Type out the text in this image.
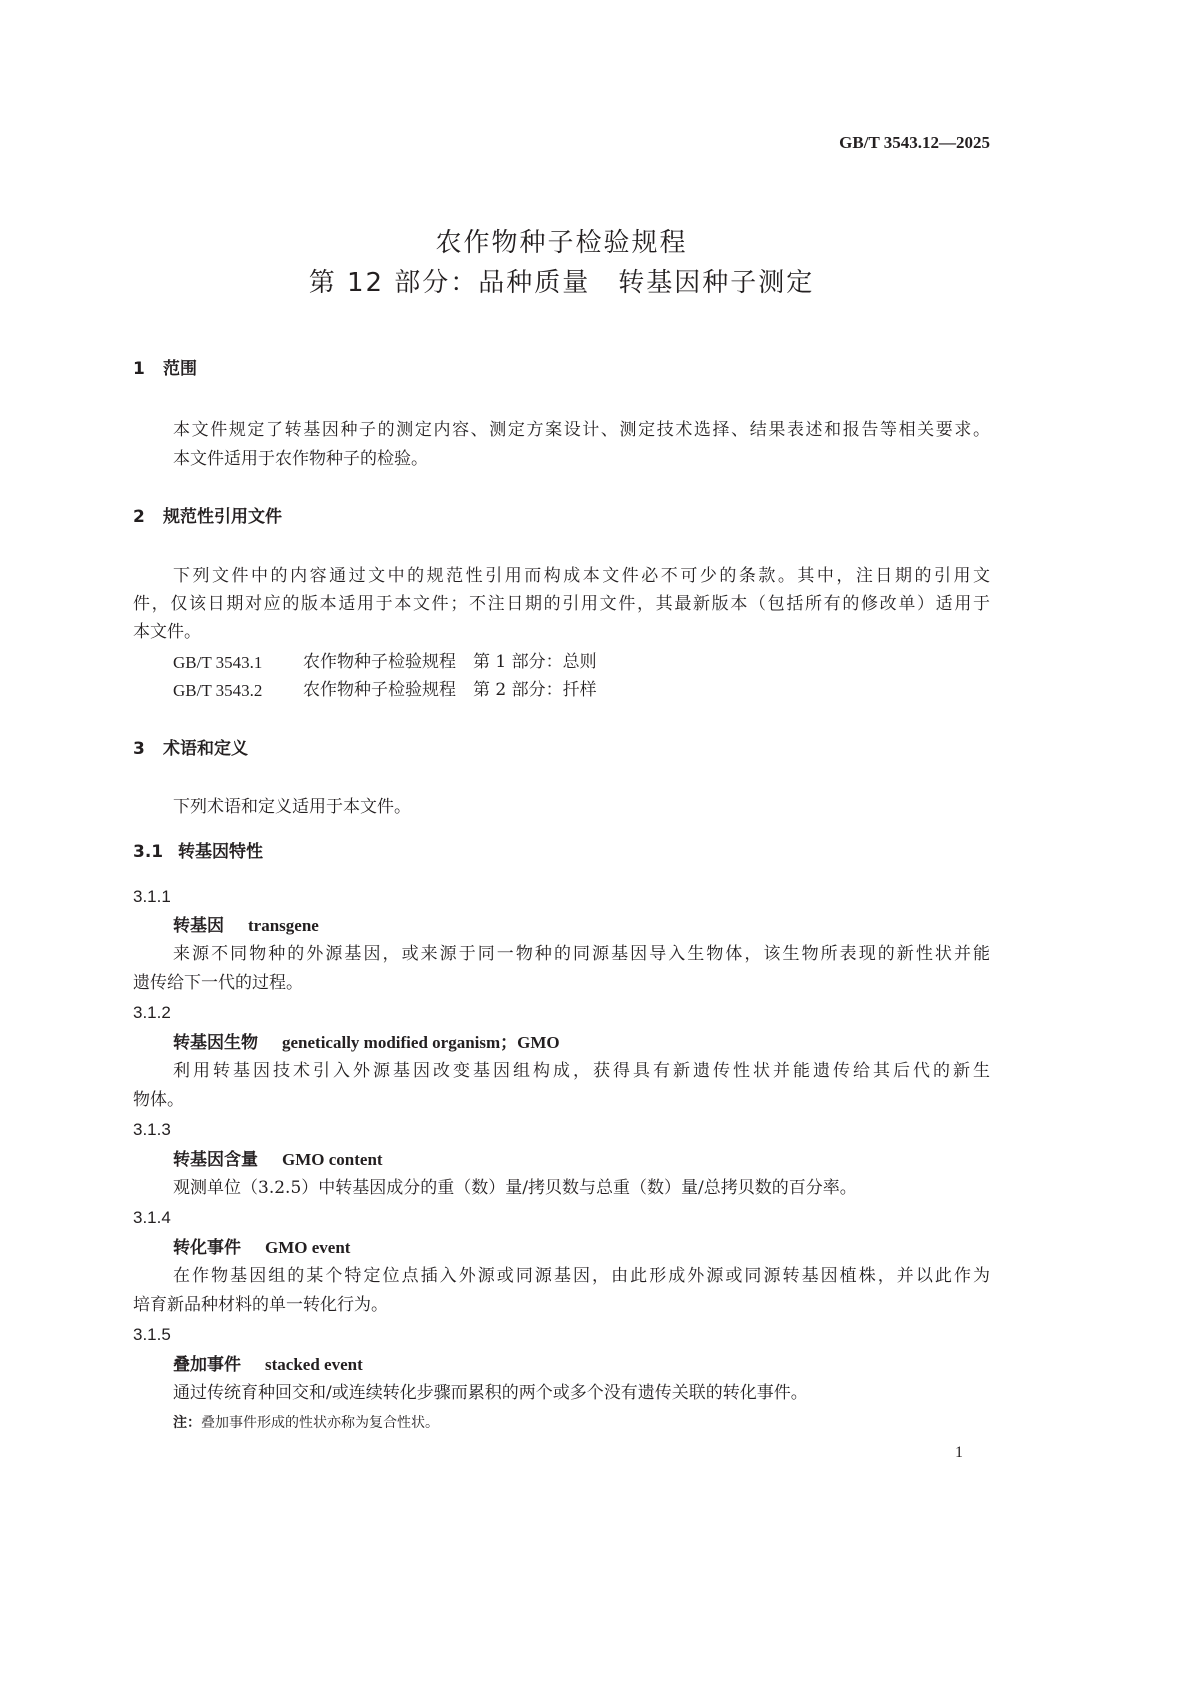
GB/T 3543.12—2025
农作物种子检验规程
第 12 部分：品种质量　转基因种子测定
1 范围
本文件规定了转基因种子的测定内容、测定方案设计、测定技术选择、结果表述和报告等相关要求。
本文件适用于农作物种子的检验。
2 规范性引用文件
下列文件中的内容通过文中的规范性引用而构成本文件必不可少的条款。其中，注日期的引用文
件，仅该日期对应的版本适用于本文件；不注日期的引用文件，其最新版本（包括所有的修改单）适用于
本文件。
GB/T 3543.1 农作物种子检验规程　第 1 部分：总则
GB/T 3543.2 农作物种子检验规程　第 2 部分：扦样
3 术语和定义
下列术语和定义适用于本文件。
3.1 转基因特性
3.1.1
转基因 transgene
来源不同物种的外源基因，或来源于同一物种的同源基因导入生物体，该生物所表现的新性状并能
遗传给下一代的过程。
3.1.2
转基因生物 genetically modified organism；GMO
利用转基因技术引入外源基因改变基因组构成，获得具有新遗传性状并能遗传给其后代的新生
物体。
3.1.3
转基因含量 GMO content
观测单位（3.2.5）中转基因成分的重（数）量/拷贝数与总重（数）量/总拷贝数的百分率。
3.1.4
转化事件 GMO event
在作物基因组的某个特定位点插入外源或同源基因，由此形成外源或同源转基因植株，并以此作为
培育新品种材料的单一转化行为。
3.1.5
叠加事件 stacked event
通过传统育种回交和/或连续转化步骤而累积的两个或多个没有遗传关联的转化事件。
注：叠加事件形成的性状亦称为复合性状。
1
